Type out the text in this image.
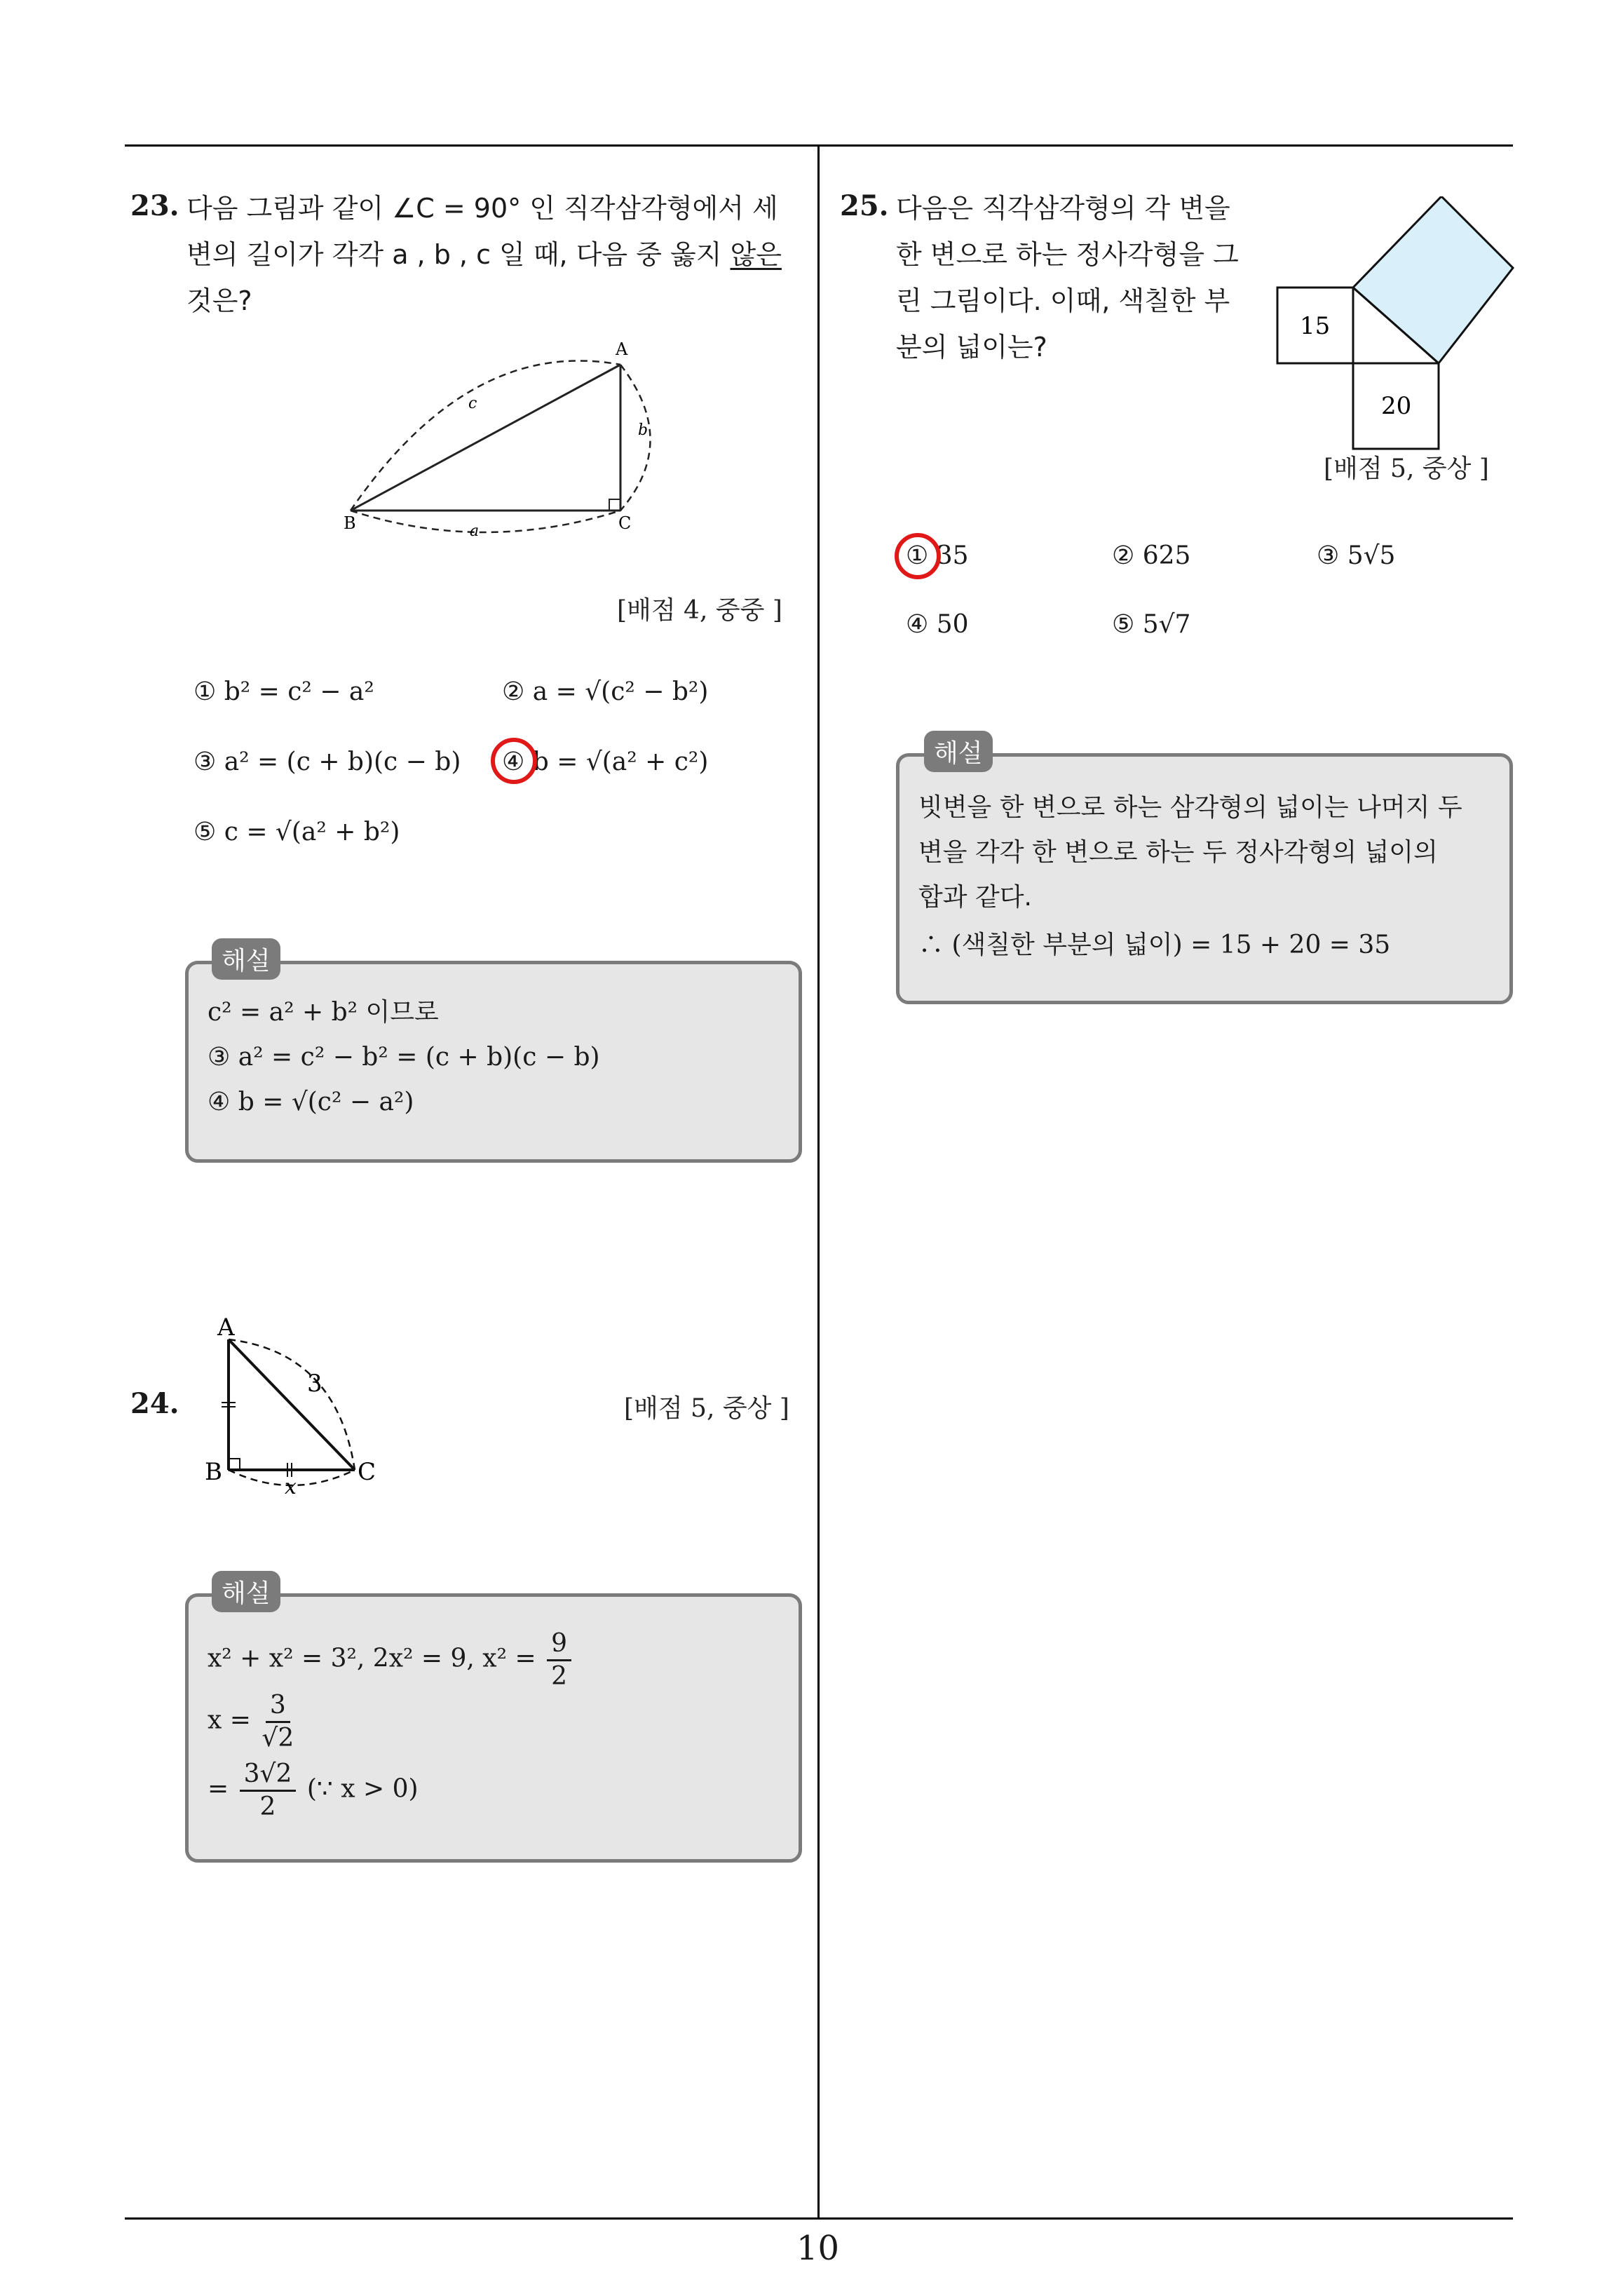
23. 다음 그림과 같이 ∠C = 90° 인 직각삼각형에서 세
변의 길이가 각각 a , b , c 일 때, 다음 중 옳지 않은
것은?
A
B	C
a
b
c
[배점 4, 중중 ]
① b² = c² − a²	② a = √(c² − b²)
③ a² = (c + b)(c − b) ④ b = √(a² + c²)
⑤ c = √(a² + b²)
해설
c² = a² + b² 이므로
③ a² = c² − b² = (c + b)(c − b)
④ b = √(c² − a²)
A
B	C
3
x
24.	[배점 5, 중상 ]
해설
x² + x² = 3², 2x² = 9, $x^2 = \frac{9}{2}$
$x = \frac{3}{√2}$
= $\frac{3√2}{2}$ (∵ x > 0)
25. 다음은 직각삼각형의 각 변을
한 변으로 하는 정사각형을 그
린 그림이다. 이때, 색칠한 부
분의 넓이는?
15
20
[배점 5, 중상 ]
① 35	② 625	③ 5√5
④ 50	⑤ 5√7
해설
빗변을 한 변으로 하는 삼각형의 넓이는 나머지 두
변을 각각 한 변으로 하는 두 정사각형의 넓이의
합과 같다.
∴ (색칠한 부분의 넓이) = 15 + 20 = 35
10
